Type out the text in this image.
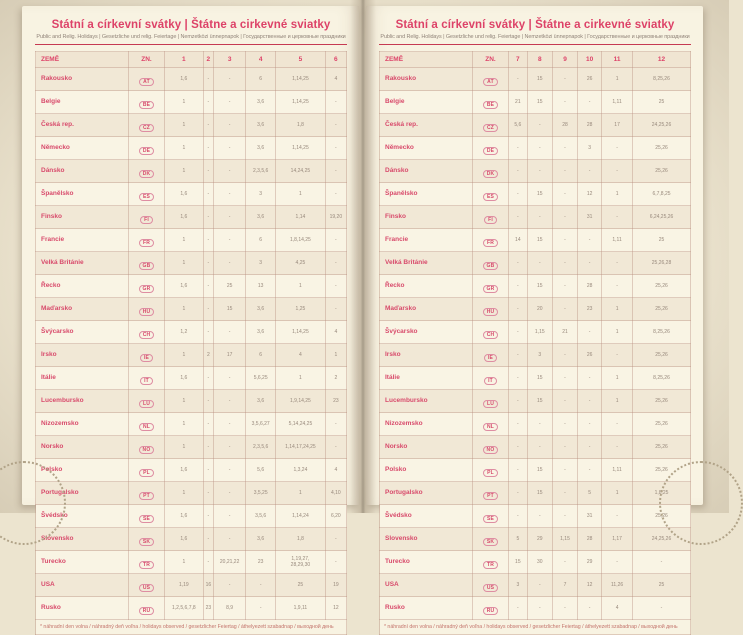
Státní a církevní svátky | Štátne a cirkevné sviatky
Public and Relig. Holidays | Gesetzliche und relig. Feiertage | Nemzetközi ünnepnapok | Государственные и церковные праздники
ZEMĚ	ZN.	1	2	3	4	5	6
Rakousko	AT	1,6	-	-	6	1,14,25	4
Belgie	BE	1	-	-	3,6	1,14,25	-
Česká rep.	CZ	1	-	-	3,6	1,8	-
Německo	DE	1	-	-	3,6	1,14,25	-
Dánsko	DK	1	-	-	2,3,5,6	14,24,25	-
Španělsko	ES	1,6	-	-	3	1	-
Finsko	FI	1,6	-	-	3,6	1,14	19,20
Francie	FR	1	-	-	6	1,8,14,25	-
Velká Británie	GB	1	-	-	3	4,25	-
Řecko	GR	1,6	-	25	13	1	-
Maďarsko	HU	1	-	15	3,6	1,25	-
Švýcarsko	CH	1,2	-	-	3,6	1,14,25	4
Irsko	IE	1	2	17	6	4	1
Itálie	IT	1,6	-	-	5,6,25	1	2
Lucembursko	LU	1	-	-	3,6	1,9,14,25	23
Nizozemsko	NL	1	-	-	3,5,6,27	5,14,24,25	-
Norsko	NO	1	-	-	2,3,5,6	1,14,17,24,25	-
Polsko	PL	1,6	-	-	5,6	1,3,24	4
Portugalsko	PT	1	-	-	3,5,25	1	4,10
Švédsko	SE	1,6	-	-	3,5,6	1,14,24	6,20
Slovensko	SK	1,6	-	-	3,6	1,8	-
Turecko	TR	1	-	20,21,22	23	1,19,27,
28,29,30	-
USA	US	1,19	16	-	-	25	19
Rusko	RU	1,2,5,6,7,8	23	8,9	-	1,9,11	12
* náhradní den volna / náhradný deň voľna / holidays observed / gesetzlicher Feiertag / áthelyezett szabadnap / выходной день							
Státní a církevní svátky | Štátne a cirkevné sviatky
Public and Relig. Holidays | Gesetzliche und relig. Feiertage | Nemzetközi ünnepnapok | Государственные и церковные праздники
ZEMĚ	ZN.	7	8	9	10	11	12
Rakousko	AT	-	15	-	26	1	8,25,26
Belgie	BE	21	15	-	-	1,11	25
Česká rep.	CZ	5,6	-	28	28	17	24,25,26
Německo	DE	-	-	-	3	-	25,26
Dánsko	DK	-	-	-	-	-	25,26
Španělsko	ES	-	15	-	12	1	6,7,8,25
Finsko	FI	-	-	-	31	-	6,24,25,26
Francie	FR	14	15	-	-	1,11	25
Velká Británie	GB	-	-	-	-	-	25,26,28
Řecko	GR	-	15	-	28	-	25,26
Maďarsko	HU	-	20	-	23	1	25,26
Švýcarsko	CH	-	1,15	21	-	1	8,25,26
Irsko	IE	-	3	-	26	-	25,26
Itálie	IT	-	15	-	-	1	8,25,26
Lucembursko	LU	-	15	-	-	1	25,26
Nizozemsko	NL	-	-	-	-	-	25,26
Norsko	NO	-	-	-	-	-	25,26
Polsko	PL	-	15	-	-	1,11	25,26
Portugalsko	PT	-	15	-	5	1	1,8,25
Švédsko	SE	-	-	-	31	-	25,26
Slovensko	SK	5	29	1,15	28	1,17	24,25,26
Turecko	TR	15	30	-	29	-	-
USA	US	3	-	7	12	11,26	25
Rusko	RU	-	-	-	-	4	-
* náhradní den volna / náhradný deň voľna / holidays observed / gesetzlicher Feiertag / áthelyezett szabadnap / выходной день							
